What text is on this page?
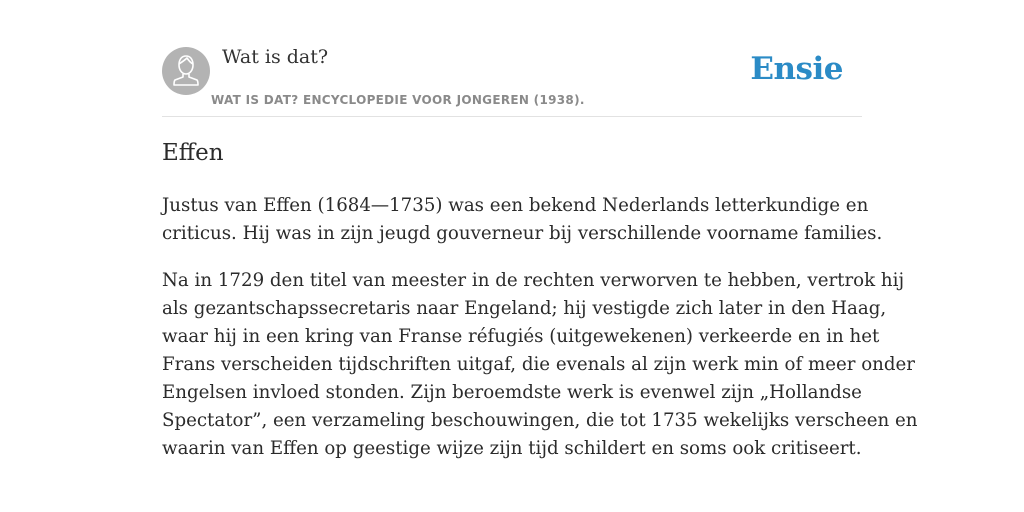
Wat is dat?
WAT IS DAT? ENCYCLOPEDIE VOOR JONGEREN (1938).
Ensie
Effen

Justus van Effen (1684—1735) was een bekend Nederlands letterkundige en
criticus. Hij was in zijn jeugd gouverneur bij verschillende voorname families.

Na in 1729 den titel van meester in de rechten verworven te hebben, vertrok hij
als gezantschapssecretaris naar Engeland; hij vestigde zich later in den Haag,
waar hij in een kring van Franse réfugiés (uitgewekenen) verkeerde en in het
Frans verscheiden tijdschriften uitgaf, die evenals al zijn werk min of meer onder
Engelsen invloed stonden. Zijn beroemdste werk is evenwel zijn „Hollandse
Spectator”, een verzameling beschouwingen, die tot 1735 wekelijks verscheen en
waarin van Effen op geestige wijze zijn tijd schildert en soms ook critiseert.
